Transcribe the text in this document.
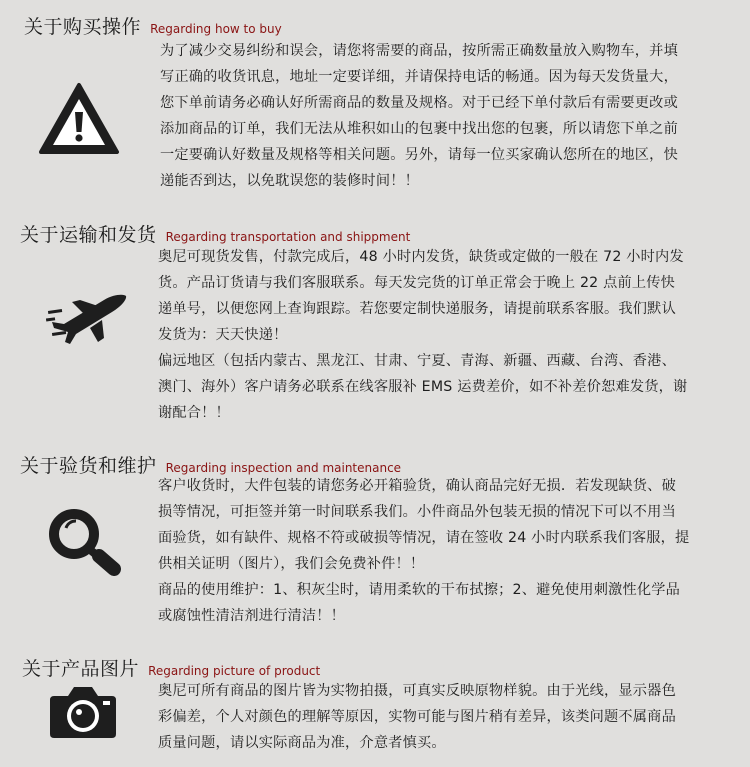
关于购买操作 Regarding how to buy

为了减少交易纠纷和误会，请您将需要的商品，按所需正确数量放入购物车，并填
写正确的收货讯息，地址一定要详细，并请保持电话的畅通。因为每天发货量大，
您下单前请务必确认好所需商品的数量及规格。对于已经下单付款后有需要更改或
添加商品的订单，我们无法从堆积如山的包裹中找出您的包裹，所以请您下单之前
一定要确认好数量及规格等相关问题。另外，请每一位买家确认您所在的地区，快
递能否到达，以免耽误您的装修时间！！

关于运输和发货 Regarding transportation and shippment

奥尼可现货发售，付款完成后，48 小时内发货，缺货或定做的一般在 72 小时内发
货。产品订货请与我们客服联系。每天发完货的订单正常会于晚上 22 点前上传快
递单号，以便您网上查询跟踪。若您要定制快递服务，请提前联系客服。我们默认
发货为：天天快递！
偏远地区（包括内蒙古、黑龙江、甘肃、宁夏、青海、新疆、西藏、台湾、香港、
澳门、海外）客户请务必联系在线客服补 EMS 运费差价，如不补差价恕难发货，谢
谢配合！！

关于验货和维护 Regarding inspection and maintenance

客户收货时，大件包装的请您务必开箱验货，确认商品完好无损．若发现缺货、破
损等情况，可拒签并第一时间联系我们。小件商品外包装无损的情况下可以不用当
面验货，如有缺件、规格不符或破损等情况，请在签收 24 小时内联系我们客服，提
供相关证明（图片），我们会免费补件！！
商品的使用维护：1、积灰尘时，请用柔软的干布拭擦；2、避免使用刺激性化学品
或腐蚀性清洁剂进行清洁！！

关于产品图片 Regarding picture of product

奥尼可所有商品的图片皆为实物拍摄，可真实反映原物样貌。由于光线，显示器色
彩偏差，个人对颜色的理解等原因，实物可能与图片稍有差异，该类问题不属商品
质量问题，请以实际商品为准，介意者慎买。
